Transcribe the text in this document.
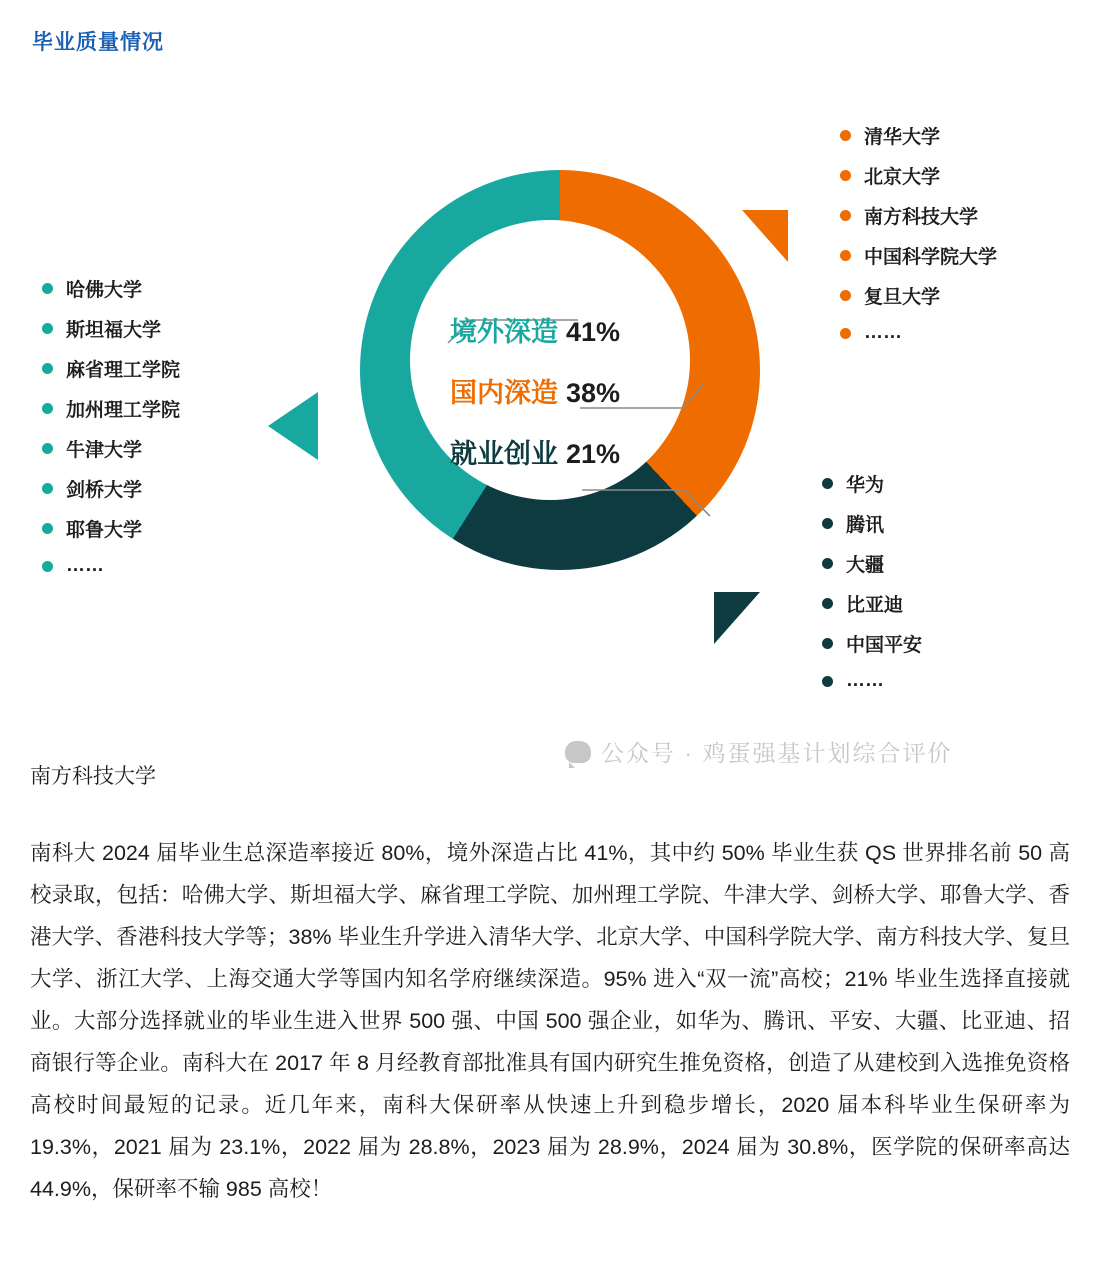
毕业质量情况
哈佛大学
斯坦福大学
麻省理工学院
加州理工学院
牛津大学
剑桥大学
耶鲁大学
……
清华大学
北京大学
南方科技大学
中国科学院大学
复旦大学
……
华为
腾讯
大疆
比亚迪
中国平安
……
境外深造 41%
国内深造 38%
就业创业 21%
公众号 · 鸡蛋强基计划综合评价
南方科技大学
南科大 2024 届毕业生总深造率接近 80%，境外深造占比 41%，其中约 50% 毕业生获 QS 世界排名前 50 高校录取，包括：哈佛大学、斯坦福大学、麻省理工学院、加州理工学院、牛津大学、剑桥大学、耶鲁大学、香港大学、香港科技大学等；38% 毕业生升学进入清华大学、北京大学、中国科学院大学、南方科技大学、复旦大学、浙江大学、上海交通大学等国内知名学府继续深造。95% 进入“双一流”高校；21% 毕业生选择直接就业。大部分选择就业的毕业生进入世界 500 强、中国 500 强企业，如华为、腾讯、平安、大疆、比亚迪、招商银行等企业。南科大在 2017 年 8 月经教育部批准具有国内研究生推免资格，创造了从建校到入选推免资格高校时间最短的记录。近几年来，南科大保研率从快速上升到稳步增长，2020 届本科毕业生保研率为 19.3%，2021 届为 23.1%，2022 届为 28.8%，2023 届为 28.9%，2024 届为 30.8%，医学院的保研率高达 44.9%，保研率不输 985 高校！
